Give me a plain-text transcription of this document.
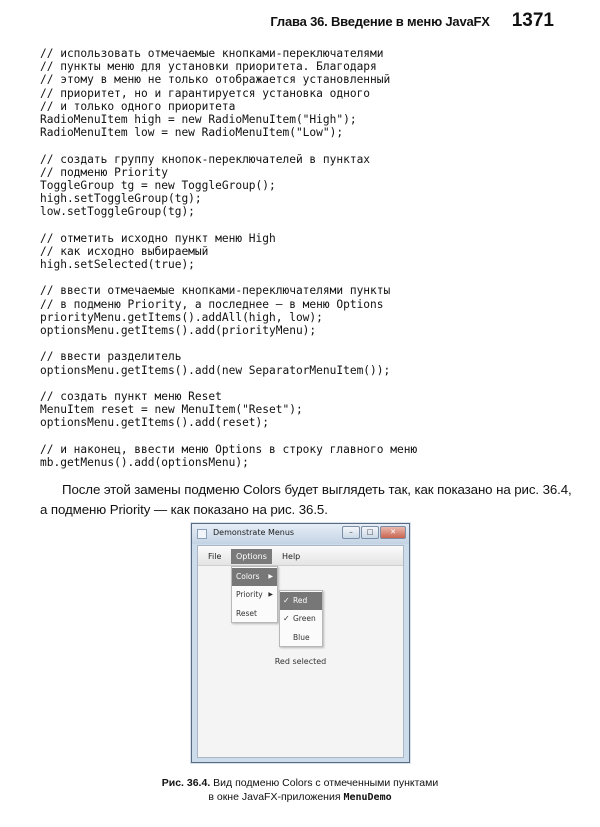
Глава 36. Введение в меню JavaFX 1371
// использовать отмечаемые кнопками-переключателями
// пункты меню для установки приоритета. Благодаря
// этому в меню не только отображается установленный
// приоритет, но и гарантируется установка одного
// и только одного приоритета
RadioMenuItem high = new RadioMenuItem("High");
RadioMenuItem low = new RadioMenuItem("Low");
// создать группу кнопок-переключателей в пунктах
// подменю Priority
ToggleGroup tg = new ToggleGroup();
high.setToggleGroup(tg);
low.setToggleGroup(tg);
// отметить исходно пункт меню High
// как исходно выбираемый
high.setSelected(true);
// ввести отмечаемые кнопками-переключателями пункты
// в подменю Priority, а последнее — в меню Options
priorityMenu.getItems().addAll(high, low);
optionsMenu.getItems().add(priorityMenu);
// ввести разделитель
optionsMenu.getItems().add(new SeparatorMenuItem());
// создать пункт меню Reset
MenuItem reset = new MenuItem("Reset");
optionsMenu.getItems().add(reset);
// и наконец, ввести меню Options в строку главного меню
mb.getMenus().add(optionsMenu);

После этой замены подменю Colors будет выглядеть так, как показано на рис. 36.4, а подменю Priority — как показано на рис. 36.5.

Demonstrate Menus	–	□	✕
File	Options	Help
Colors ▶
Priority ▶
Reset
✓ Red
✓ Green
Blue
Red selected
Рис. 36.4. Вид подменю Colors с отмеченными пунктами
в окне JavaFX-приложения MenuDemo
